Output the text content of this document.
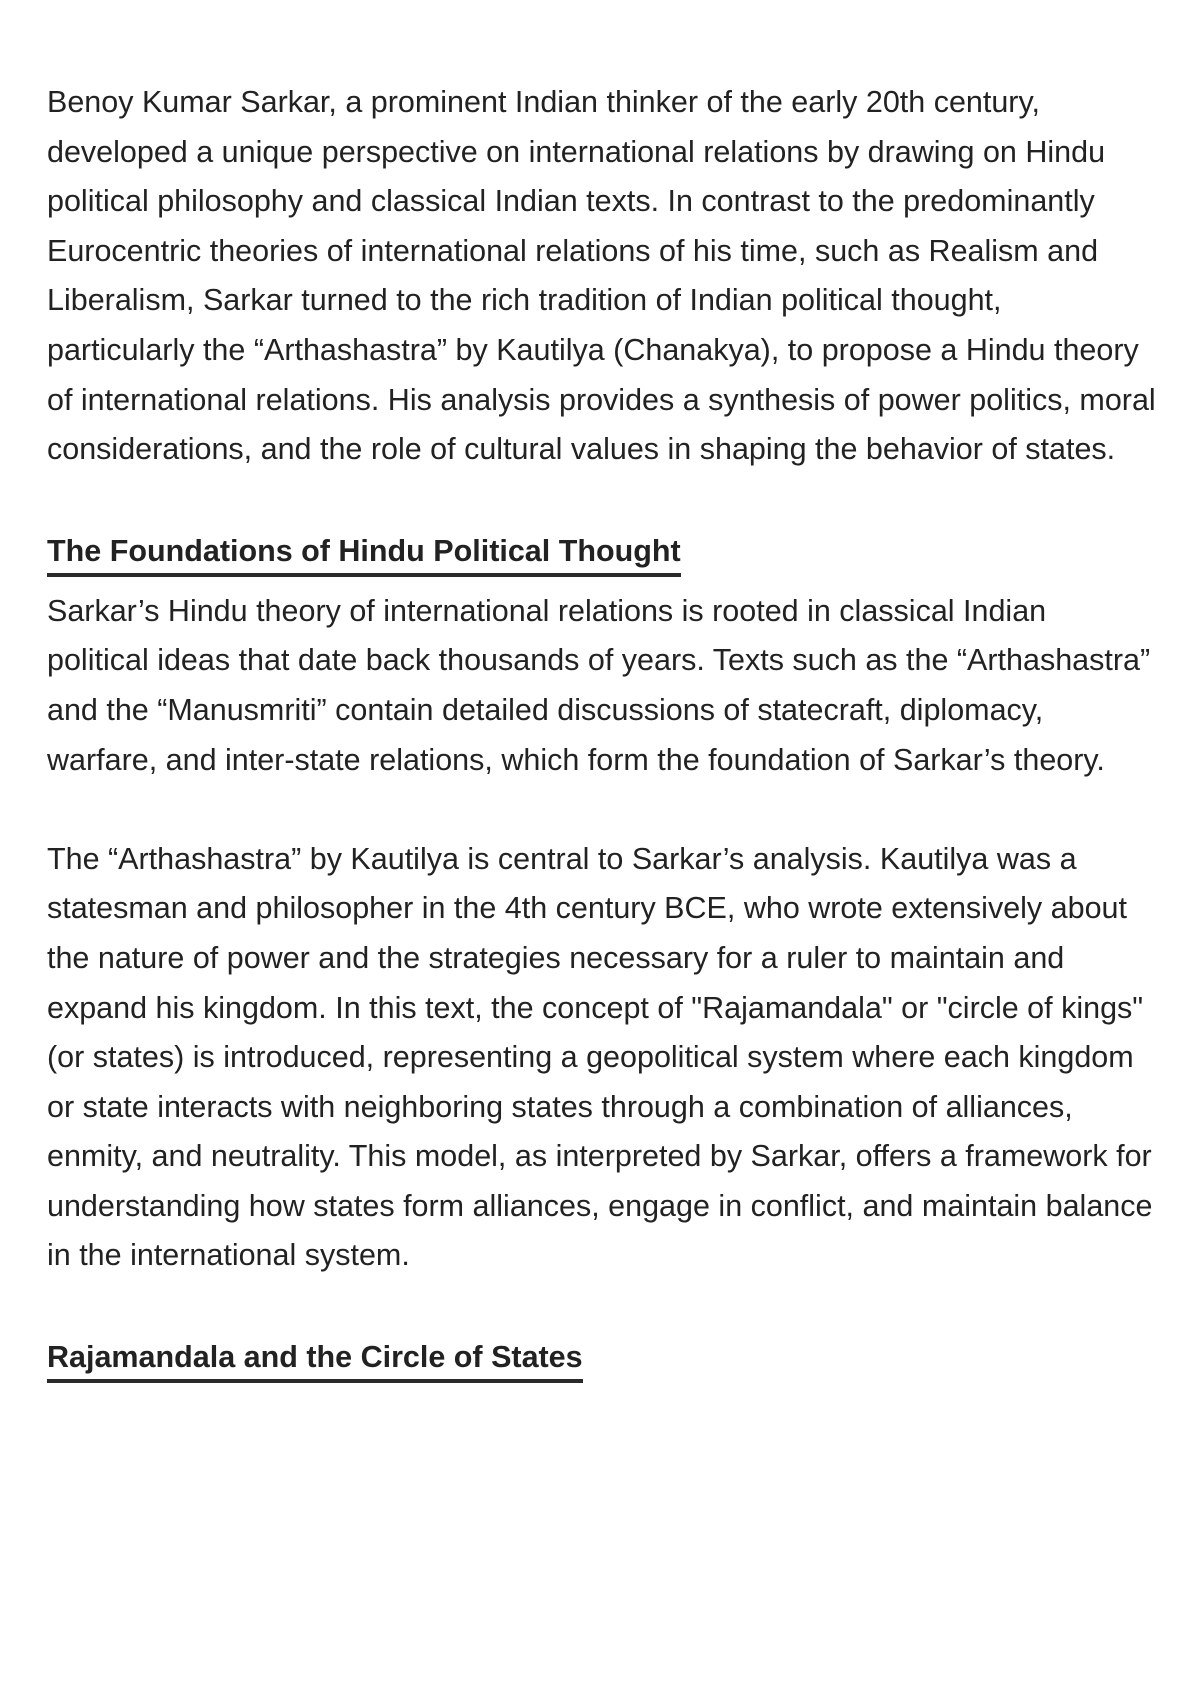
Benoy Kumar Sarkar, a prominent Indian thinker of the early 20th century, developed a unique perspective on international relations by drawing on Hindu political philosophy and classical Indian texts. In contrast to the predominantly Eurocentric theories of international relations of his time, such as Realism and Liberalism, Sarkar turned to the rich tradition of Indian political thought, particularly the “Arthashastra” by Kautilya (Chanakya), to propose a Hindu theory of international relations. His analysis provides a synthesis of power politics, moral considerations, and the role of cultural values in shaping the behavior of states.

The Foundations of Hindu Political Thought

Sarkar’s Hindu theory of international relations is rooted in classical Indian political ideas that date back thousands of years. Texts such as the “Arthashastra” and the “Manusmriti” contain detailed discussions of statecraft, diplomacy, warfare, and inter-state relations, which form the foundation of Sarkar’s theory.

The “Arthashastra” by Kautilya is central to Sarkar’s analysis. Kautilya was a statesman and philosopher in the 4th century BCE, who wrote extensively about the nature of power and the strategies necessary for a ruler to maintain and expand his kingdom. In this text, the concept of "Rajamandala" or "circle of kings" (or states) is introduced, representing a geopolitical system where each kingdom or state interacts with neighboring states through a combination of alliances, enmity, and neutrality. This model, as interpreted by Sarkar, offers a framework for understanding how states form alliances, engage in conflict, and maintain balance in the international system.

Rajamandala and the Circle of States
